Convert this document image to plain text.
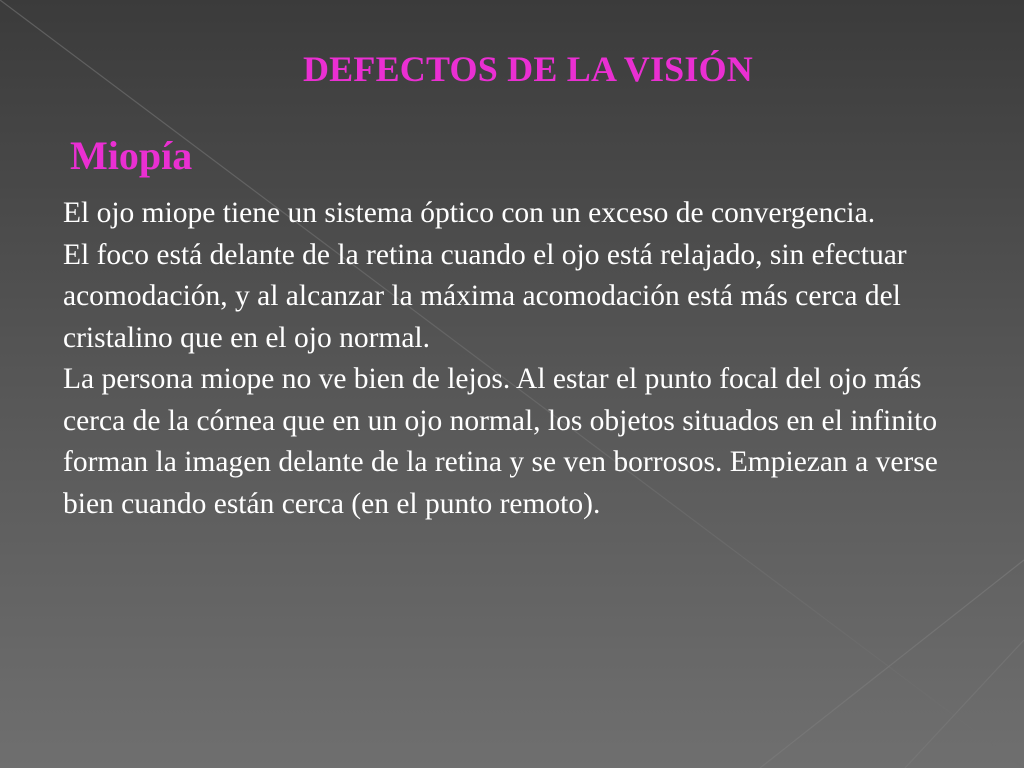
DEFECTOS DE LA VISIÓN
Miopía

El ojo miope tiene un sistema óptico con un exceso de convergencia.

El foco está delante de la retina cuando el ojo está relajado, sin efectuar acomodación, y al alcanzar la máxima acomodación está más cerca del cristalino que en el ojo normal.

La persona miope no ve bien de lejos. Al estar el punto focal del ojo más cerca de la córnea que en un ojo normal, los objetos situados en el infinito forman la imagen delante de la retina y se ven borrosos. Empiezan a verse bien cuando están cerca (en el punto remoto).
